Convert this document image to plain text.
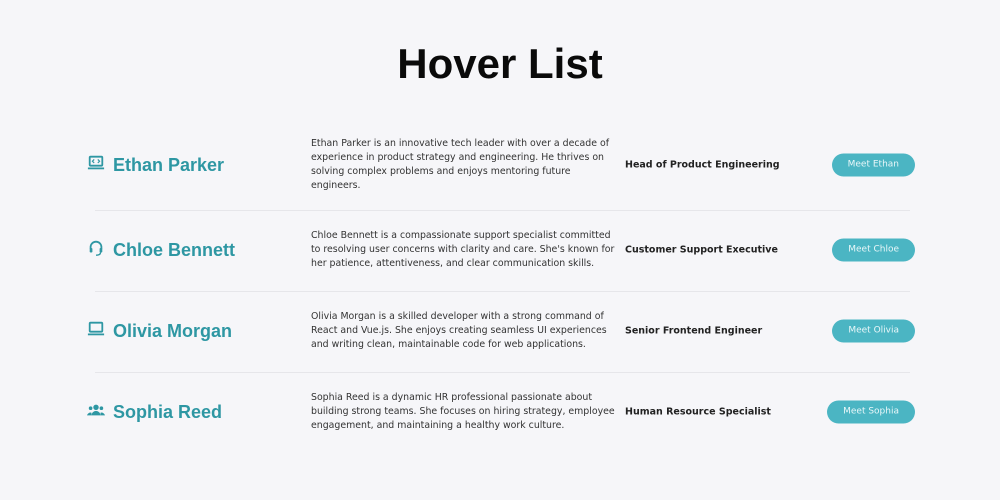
Hover List
Ethan Parker
Ethan Parker is an innovative tech leader with over a decade of experience in product strategy and engineering. He thrives on solving complex problems and enjoys mentoring future engineers.
Head of Product Engineering	Meet Ethan
Chloe Bennett
Chloe Bennett is a compassionate support specialist committed to resolving user concerns with clarity and care. She's known for her patience, attentiveness, and clear communication skills.
Customer Support Executive	Meet Chloe
Olivia Morgan
Olivia Morgan is a skilled developer with a strong command of React and Vue.js. She enjoys creating seamless UI experiences and writing clean, maintainable code for web applications.
Senior Frontend Engineer	Meet Olivia
Sophia Reed
Sophia Reed is a dynamic HR professional passionate about building strong teams. She focuses on hiring strategy, employee engagement, and maintaining a healthy work culture.
Human Resource Specialist	Meet Sophia
